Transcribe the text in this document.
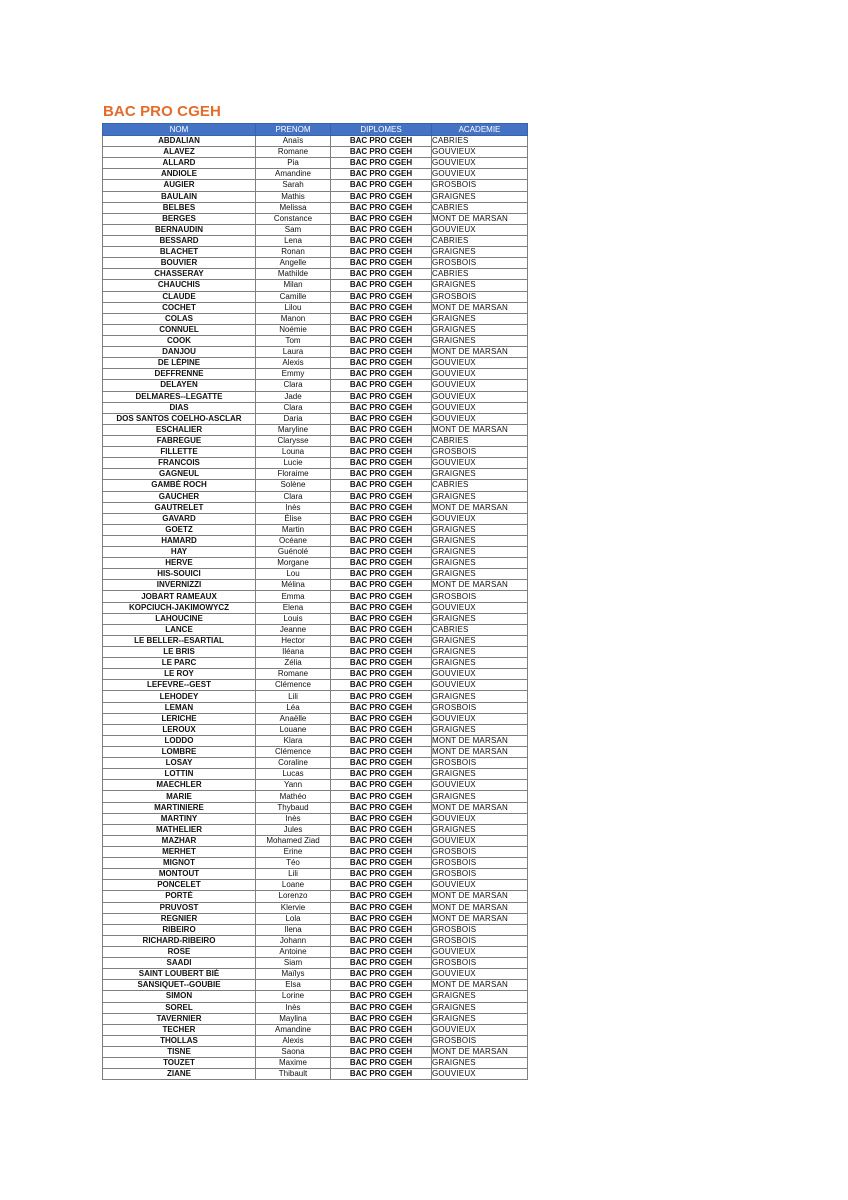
BAC PRO CGEH
NOM	PRENOM	DIPLOMES	ACADEMIE
ABDALIAN	Anaïs	BAC PRO CGEH	CABRIES
ALAVEZ	Romane	BAC PRO CGEH	GOUVIEUX
ALLARD	Pia	BAC PRO CGEH	GOUVIEUX
ANDIOLE	Amandine	BAC PRO CGEH	GOUVIEUX
AUGIER	Sarah	BAC PRO CGEH	GROSBOIS
BAULAIN	Mathis	BAC PRO CGEH	GRAIGNES
BELBES	Melissa	BAC PRO CGEH	CABRIES
BERGES	Constance	BAC PRO CGEH	MONT DE MARSAN
BERNAUDIN	Sam	BAC PRO CGEH	GOUVIEUX
BESSARD	Lena	BAC PRO CGEH	CABRIES
BLACHET	Ronan	BAC PRO CGEH	GRAIGNES
BOUVIER	Angelle	BAC PRO CGEH	GROSBOIS
CHASSERAY	Mathilde	BAC PRO CGEH	CABRIES
CHAUCHIS	Milan	BAC PRO CGEH	GRAIGNES
CLAUDE	Camille	BAC PRO CGEH	GROSBOIS
COCHET	Lilou	BAC PRO CGEH	MONT DE MARSAN
COLAS	Manon	BAC PRO CGEH	GRAIGNES
CONNUEL	Noémie	BAC PRO CGEH	GRAIGNES
COOK	Tom	BAC PRO CGEH	GRAIGNES
DANJOU	Laura	BAC PRO CGEH	MONT DE MARSAN
DE LÉPINE	Alexis	BAC PRO CGEH	GOUVIEUX
DEFFRENNE	Emmy	BAC PRO CGEH	GOUVIEUX
DELAYEN	Clara	BAC PRO CGEH	GOUVIEUX
DELMARES--LEGATTE	Jade	BAC PRO CGEH	GOUVIEUX
DIAS	Clara	BAC PRO CGEH	GOUVIEUX
DOS SANTOS COELHO-ASCLAR	Daria	BAC PRO CGEH	GOUVIEUX
ESCHALIER	Maryline	BAC PRO CGEH	MONT DE MARSAN
FABREGUE	Clarysse	BAC PRO CGEH	CABRIES
FILLETTE	Louna	BAC PRO CGEH	GROSBOIS
FRANCOIS	Lucie	BAC PRO CGEH	GOUVIEUX
GAGNEUL	Floraime	BAC PRO CGEH	GRAIGNES
GAMBÉ ROCH	Solène	BAC PRO CGEH	CABRIES
GAUCHER	Clara	BAC PRO CGEH	GRAIGNES
GAUTRELET	Inès	BAC PRO CGEH	MONT DE MARSAN
GAVARD	Élise	BAC PRO CGEH	GOUVIEUX
GOETZ	Martin	BAC PRO CGEH	GRAIGNES
HAMARD	Océane	BAC PRO CGEH	GRAIGNES
HAY	Guénolé	BAC PRO CGEH	GRAIGNES
HERVE	Morgane	BAC PRO CGEH	GRAIGNES
HIS-SOUICI	Lou	BAC PRO CGEH	GRAIGNES
INVERNIZZI	Mélina	BAC PRO CGEH	MONT DE MARSAN
JOBART RAMEAUX	Emma	BAC PRO CGEH	GROSBOIS
KOPCIUCH-JAKIMOWYCZ	Elena	BAC PRO CGEH	GOUVIEUX
LAHOUCINE	Louis	BAC PRO CGEH	GRAIGNES
LANCE	Jeanne	BAC PRO CGEH	CABRIES
LE BELLER--ESARTIAL	Hector	BAC PRO CGEH	GRAIGNES
LE BRIS	Iléana	BAC PRO CGEH	GRAIGNES
LE PARC	Zélia	BAC PRO CGEH	GRAIGNES
LE ROY	Romane	BAC PRO CGEH	GOUVIEUX
LEFEVRE--GEST	Clémence	BAC PRO CGEH	GOUVIEUX
LEHODEY	Lili	BAC PRO CGEH	GRAIGNES
LEMAN	Léa	BAC PRO CGEH	GROSBOIS
LERICHE	Anaëlle	BAC PRO CGEH	GOUVIEUX
LEROUX	Louane	BAC PRO CGEH	GRAIGNES
LODDO	Klara	BAC PRO CGEH	MONT DE MARSAN
LOMBRE	Clémence	BAC PRO CGEH	MONT DE MARSAN
LOSAY	Coraline	BAC PRO CGEH	GROSBOIS
LOTTIN	Lucas	BAC PRO CGEH	GRAIGNES
MAECHLER	Yann	BAC PRO CGEH	GOUVIEUX
MARIE	Mathéo	BAC PRO CGEH	GRAIGNES
MARTINIERE	Thybaud	BAC PRO CGEH	MONT DE MARSAN
MARTINY	Inès	BAC PRO CGEH	GOUVIEUX
MATHELIER	Jules	BAC PRO CGEH	GRAIGNES
MAZHAR	Mohamed Ziad	BAC PRO CGEH	GOUVIEUX
MERHET	Erine	BAC PRO CGEH	GROSBOIS
MIGNOT	Téo	BAC PRO CGEH	GROSBOIS
MONTOUT	Lili	BAC PRO CGEH	GROSBOIS
PONCELET	Loane	BAC PRO CGEH	GOUVIEUX
PORTÉ	Lorenzo	BAC PRO CGEH	MONT DE MARSAN
PRUVOST	Klervie	BAC PRO CGEH	MONT DE MARSAN
REGNIER	Lola	BAC PRO CGEH	MONT DE MARSAN
RIBEIRO	Ilena	BAC PRO CGEH	GROSBOIS
RICHARD-RIBEIRO	Johann	BAC PRO CGEH	GROSBOIS
ROSE	Antoine	BAC PRO CGEH	GOUVIEUX
SAADI	Siam	BAC PRO CGEH	GROSBOIS
SAINT LOUBERT BIÉ	Maïlys	BAC PRO CGEH	GOUVIEUX
SANSIQUET--GOUBIE	Elsa	BAC PRO CGEH	MONT DE MARSAN
SIMON	Lorine	BAC PRO CGEH	GRAIGNES
SOREL	Inès	BAC PRO CGEH	GRAIGNES
TAVERNIER	Maylina	BAC PRO CGEH	GRAIGNES
TECHER	Amandine	BAC PRO CGEH	GOUVIEUX
THOLLAS	Alexis	BAC PRO CGEH	GROSBOIS
TISNE	Saona	BAC PRO CGEH	MONT DE MARSAN
TOUZET	Maxime	BAC PRO CGEH	GRAIGNES
ZIANE	Thibault	BAC PRO CGEH	GOUVIEUX
